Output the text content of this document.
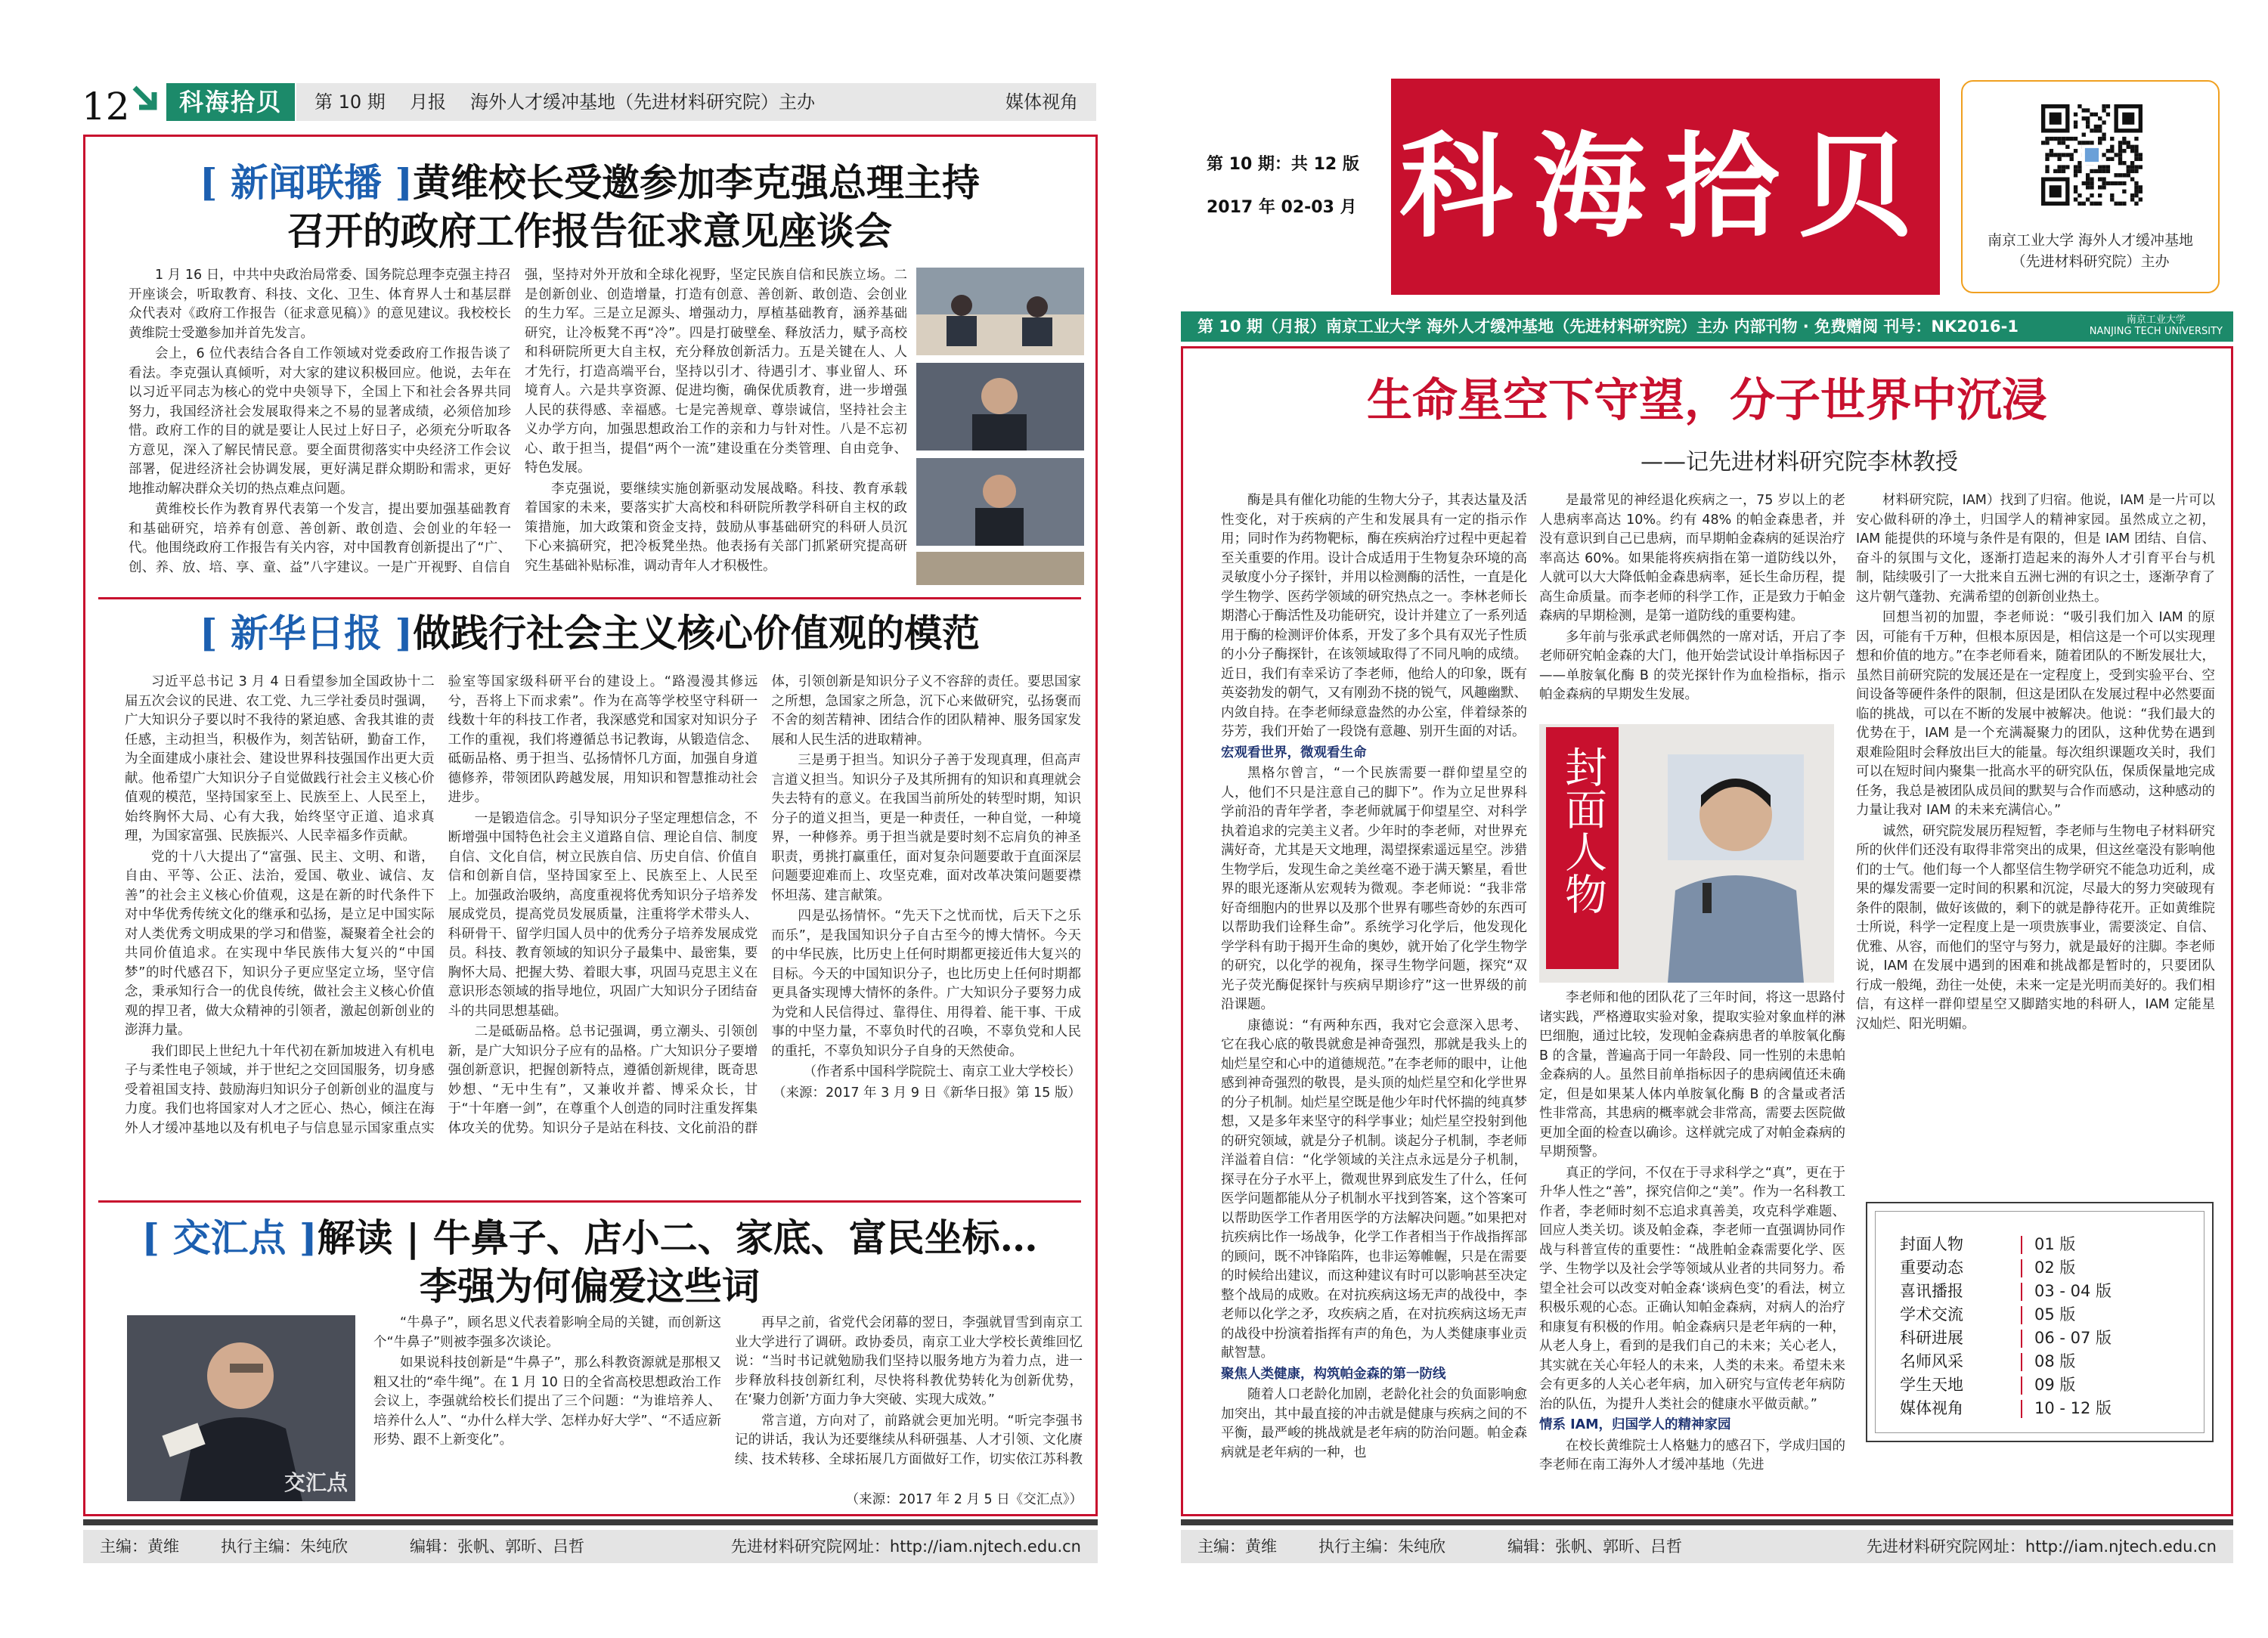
12	科海拾贝	第 10 期 月报 海外人才缓冲基地（先进材料研究院）主办	媒体视角
[ 新闻联播 ]黄维校长受邀参加李克强总理主持
召开的政府工作报告征求意见座谈会

1 月 16 日，中共中央政治局常委、国务院总理李克强主持召开座谈会，听取教育、科技、文化、卫生、体育界人士和基层群众代表对《政府工作报告（征求意见稿）》的意见建议。我校校长黄维院士受邀参加并首先发言。

会上，6 位代表结合各自工作领域对党委政府工作报告谈了看法。李克强认真倾听，对大家的建议积极回应。他说，去年在以习近平同志为核心的党中央领导下，全国上下和社会各界共同努力，我国经济社会发展取得来之不易的显著成绩，必须倍加珍惜。政府工作的目的就是要让人民过上好日子，必须充分听取各方意见，深入了解民情民意。要全面贯彻落实中央经济工作会议部署，促进经济社会协调发展，更好满足群众期盼和需求，更好地推动解决群众关切的热点难点问题。

黄维校长作为教育界代表第一个发言，提出要加强基础教育和基础研究，培养有创意、善创新、敢创造、会创业的年轻一代。他围绕政府工作报告有关内容，对中国教育创新提出了“广、创、养、放、培、享、童、益”八字建议。一是广开视野、自信自强，坚持对外开放和全球化视野，坚定民族自信和民族立场。二是创新创业、创造增量，打造有创意、善创新、敢创造、会创业的生力军。三是立足源头、增强动力，厚植基础教育，涵养基础研究，让冷板凳不再“冷”。四是打破壁垒、释放活力，赋予高校和科研院所更大自主权，充分释放创新活力。五是关键在人、人才先行，打造高端平台，坚持以引才、待遇引才、事业留人、环境育人。六是共享资源、促进均衡，确保优质教育，进一步增强人民的获得感、幸福感。七是完善规章、尊崇诚信，坚持社会主义办学方向，加强思想政治工作的亲和力与针对性。八是不忘初心、敢于担当，提倡“两个一流”建设重在分类管理、自由竞争、特色发展。

李克强说，要继续实施创新驱动发展战略。科技、教育承载着国家的未来，要落实扩大高校和科研院所教学科研自主权的政策措施，加大政策和资金支持，鼓励从事基础研究的科研人员沉下心来搞研究，把冷板凳坐热。他表扬有关部门抓紧研究提高研究生基础补贴标准，调动青年人才积极性。

[ 新华日报 ]做践行社会主义核心价值观的模范

习近平总书记 3 月 4 日看望参加全国政协十二届五次会议的民进、农工党、九三学社委员时强调，广大知识分子要以时不我待的紧迫感、舍我其谁的责任感，主动担当，积极作为，刻苦钻研，勤奋工作，为全面建成小康社会、建设世界科技强国作出更大贡献。他希望广大知识分子自觉做践行社会主义核心价值观的模范，坚持国家至上、民族至上、人民至上，始终胸怀大局、心有大我，始终坚守正道、追求真理，为国家富强、民族振兴、人民幸福多作贡献。

党的十八大提出了“富强、民主、文明、和谐，自由、平等、公正、法治，爱国、敬业、诚信、友善”的社会主义核心价值观，这是在新的时代条件下对中华优秀传统文化的继承和弘扬，是立足中国实际对人类优秀文明成果的学习和借鉴，凝聚着全社会的共同价值追求。在实现中华民族伟大复兴的“中国梦”的时代感召下，知识分子更应坚定立场，坚守信念，秉承知行合一的优良传统，做社会主义核心价值观的捍卫者，做大众精神的引领者，激起创新创业的澎湃力量。

我们即民上世纪九十年代初在新加坡进入有机电子与柔性电子领域，并于世纪之交回国服务，切身感受着祖国支持、鼓励海归知识分子创新创业的温度与力度。我们也将国家对人才之匠心、热心，倾注在海外人才缓冲基地以及有机电子与信息显示国家重点实验室等国家级科研平台的建设上。“路漫漫其修远兮，吾将上下而求索”。作为在高等学校坚守科研一线数十年的科技工作者，我深感党和国家对知识分子工作的重视，我们将遵循总书记教诲，从锻造信念、砥砺品格、勇于担当、弘扬情怀几方面，加强自身道德修养，带领团队跨越发展，用知识和智慧推动社会进步。

一是锻造信念。引导知识分子坚定理想信念，不断增强中国特色社会主义道路自信、理论自信、制度自信、文化自信，树立民族自信、历史自信、价值自信和创新自信，坚持国家至上、民族至上、人民至上。加强政治吸纳，高度重视将优秀知识分子培养发展成党员，提高党员发展质量，注重将学术带头人、科研骨干、留学归国人员中的优秀分子培养发展成党员。科技、教育领域的知识分子最集中、最密集，要胸怀大局、把握大势、着眼大事，巩固马克思主义在意识形态领域的指导地位，巩固广大知识分子团结奋斗的共同思想基础。

二是砥砺品格。总书记强调，勇立潮头、引领创新，是广大知识分子应有的品格。广大知识分子要增强创新意识，把握创新特点，遵循创新规律，既奇思妙想、“无中生有”，又兼收并蓄、博采众长，甘于“十年磨一剑”，在尊重个人创造的同时注重发挥集体攻关的优势。知识分子是站在科技、文化前沿的群体，引领创新是知识分子义不容辞的责任。要思国家之所想，急国家之所急，沉下心来做研究，弘扬褒而不舍的刻苦精神、团结合作的团队精神、服务国家发展和人民生活的进取精神。

三是勇于担当。知识分子善于发现真理，但高声言道义担当。知识分子及其所拥有的知识和真理就会失去特有的意义。在我国当前所处的转型时期，知识分子的道义担当，更是一种责任，一种自觉，一种境界，一种修养。勇于担当就是要时刻不忘肩负的神圣职责，勇挑打赢重任，面对复杂问题要敢于直面深层问题要迎难而上、攻坚克难，面对改革决策问题要襟怀坦荡、建言献策。

四是弘扬情怀。“先天下之忧而忧，后天下之乐而乐”，是我国知识分子自古至今的博大情怀。今天的中华民族，比历史上任何时期都更接近伟大复兴的目标。今天的中国知识分子，也比历史上任何时期都更具备实现博大情怀的条件。广大知识分子要努力成为党和人民信得过、靠得住、用得着、能干事、干成事的中坚力量，不辜负时代的召唤，不辜负党和人民的重托，不辜负知识分子自身的天然使命。

（作者系中国科学院院士、南京工业大学校长）

（来源：2017 年 3 月 9 日《新华日报》第 15 版）

[ 交汇点 ]解读 | 牛鼻子、店小二、家底、富民坐标…
李强为何偏爱这些词
交汇点

“牛鼻子”，顾名思义代表着影响全局的关键，而创新这个“牛鼻子”则被李强多次谈论。

如果说科技创新是“牛鼻子”，那么科教资源就是那根又粗又壮的“牵牛绳”。在 1 月 10 日的全省高校思想政治工作会议上，李强就给校长们提出了三个问题：“为谁培养人、培养什么人”、“办什么样大学、怎样办好大学”、“不适应新形势、跟不上新变化”。

再早之前，省党代会闭幕的翌日，李强就冒雪到南京工业大学进行了调研。政协委员，南京工业大学校长黄维回忆说：“当时书记就勉励我们坚持以服务地方为着力点，进一步释放科技创新红利，尽快将科教优势转化为创新优势，在‘聚力创新’方面力争大突破、实现大成效。”

常言道，方向对了，前路就会更加光明。“听完李强书记的讲话，我认为还要继续从科研强基、人才引领、文化赓续、技术转移、全球拓展几方面做好工作，切实依江苏科教

（来源：2017 年 2 月 5 日《交汇点》）

主编：黄维	执行主编：朱纯欣	编辑：张帆、郭昕、吕哲	先进材料研究院网址：http://iam.njtech.edu.cn
第 10 期：共 12 版
2017 年 02-03 月 科海拾贝	南京工业大学 海外人才缓冲基地
（先进材料研究院）主办
第 10 期（月报）南京工业大学 海外人才缓冲基地（先进材料研究院）主办 内部刊物 · 免费赠阅 刊号：NK2016-1	南京工业大学
NANJING TECH UNIVERSITY
生命星空下守望，分子世界中沉浸
——记先进材料研究院李林教授

酶是具有催化功能的生物大分子，其表达量及活性变化，对于疾病的产生和发展具有一定的指示作用；同时作为药物靶标，酶在疾病治疗过程中更起着至关重要的作用。设计合成适用于生物复杂环境的高灵敏度小分子探针，并用以检测酶的活性，一直是化学生物学、医药学领域的研究热点之一。李林老师长期潜心于酶活性及功能研究，设计并建立了一系列适用于酶的检测评价体系，开发了多个具有双光子性质的小分子酶探针，在该领域取得了不同凡响的成绩。近日，我们有幸采访了李老师，他给人的印象，既有英姿勃发的朝气，又有刚劲不挠的锐气，风趣幽默、内敛自持。在李老师绿意盎然的办公室，伴着绿茶的芬芳，我们开始了一段饶有意趣、别开生面的对话。

宏观看世界，微观看生命

黑格尔曾言，“一个民族需要一群仰望星空的人，他们不只是注意自己的脚下”。作为立足世界科学前沿的青年学者，李老师就属于仰望星空、对科学执着追求的完美主义者。少年时的李老师，对世界充满好奇，尤其是天文地理，渴望探索遥远星空。涉猎生物学后，发现生命之美丝毫不逊于满天繁星，看世界的眼光逐渐从宏观转为微观。李老师说：“我非常好奇细胞内的世界以及那个世界有哪些奇妙的东西可以帮助我们诠释生命”。系统学习化学后，他发现化学学科有助于揭开生命的奥妙，就开始了化学生物学的研究，以化学的视角，探寻生物学问题，探究“双光子荧光酶促探针与疾病早期诊疗”这一世界级的前沿课题。

康德说：“有两种东西，我对它会意深入思考、它在我心底的敬畏就愈是神奇强烈，那就是我头上的灿烂星空和心中的道德规范。”在李老师的眼中，让他感到神奇强烈的敬畏，是头顶的灿烂星空和化学世界的分子机制。灿烂星空既是他少年时代怀揣的纯真梦想，又是多年来坚守的科学事业；灿烂星空投射到他的研究领域，就是分子机制。谈起分子机制，李老师洋溢着自信：“化学领域的关注点永远是分子机制，探寻在分子水平上，微观世界到底发生了什么，任何医学问题都能从分子机制水平找到答案，这个答案可以帮助医学工作者用医学的方法解决问题。”如果把对抗疾病比作一场战争，化学工作者相当于作战指挥部的顾问，既不冲锋陷阵，也非运筹帷幄，只是在需要的时候给出建议，而这种建议有时可以影响甚至决定整个战局的成败。在对抗疾病这场无声的战役中，李老师以化学之矛，攻疾病之盾，在对抗疾病这场无声的战役中扮演着指挥有声的角色，为人类健康事业贡献智慧。

聚焦人类健康，构筑帕金森的第一防线

随着人口老龄化加剧，老龄化社会的负面影响愈加突出，其中最直接的冲击就是健康与疾病之间的不平衡，最严峻的挑战就是老年病的防治问题。帕金森病就是老年病的一种，也

是最常见的神经退化疾病之一，75 岁以上的老人患病率高达 10%。约有 48% 的帕金森患者，并没有意识到自己已患病，而早期帕金森病的延误治疗率高达 60%。如果能将疾病指在第一道防线以外，人就可以大大降低帕金森患病率，延长生命历程，提高生命质量。而李老师的科学工作，正是致力于帕金森病的早期检测，是第一道防线的重要构建。

多年前与张承武老师偶然的一席对话，开启了李老师研究帕金森的大门，他开始尝试设计单指标因子——单胺氧化酶 B 的荧光探针作为血检指标，指示帕金森病的早期发生发展。

封面人物

李老师和他的团队花了三年时间，将这一思路付诸实践，严格遵取实验对象，提取实验对象血样的淋巴细胞，通过比较，发现帕金森病患者的单胺氧化酶 B 的含量，普遍高于同一年龄段、同一性别的未患帕金森病的人。虽然目前单指标因子的患病阈值还未确定，但是如果某人体内单胺氧化酶 B 的含量或者活性非常高，其患病的概率就会非常高，需要去医院做更加全面的检查以确诊。这样就完成了对帕金森病的早期预警。

真正的学问，不仅在于寻求科学之“真”，更在于升华人性之“善”，探究信仰之“美”。作为一名科教工作者，李老师时刻不忘追求真善美，攻克科学难题、回应人类关切。谈及帕金森，李老师一直强调协同作战与科普宣传的重要性：“战胜帕金森需要化学、医学、生物学以及社会学等领域从业者的共同努力。希望全社会可以改变对帕金森‘谈病色变’的看法，树立积极乐观的心态。正确认知帕金森病，对病人的治疗和康复有积极的作用。帕金森病只是老年病的一种，从老人身上，看到的是我们自己的未来；关心老人，其实就在关心年轻人的未来，人类的未来。希望未来会有更多的人关心老年病，加入研究与宣传老年病防治的队伍，为提升人类社会的健康水平做贡献。”

情系 IAM，归国学人的精神家园

在校长黄维院士人格魅力的感召下，学成归国的李老师在南工海外人才缓冲基地（先进

材料研究院，IAM）找到了归宿。他说，IAM 是一片可以安心做科研的净土，归国学人的精神家园。虽然成立之初，IAM 能提供的环境与条件是有限的，但是 IAM 团结、自信、奋斗的氛围与文化，逐渐打造起来的海外人才引育平台与机制，陆续吸引了一大批来自五洲七洲的有识之士，逐渐孕育了这片朝气蓬勃、充满希望的创新创业热土。

回想当初的加盟，李老师说：“吸引我们加入 IAM 的原因，可能有千万种，但根本原因是，相信这是一个可以实现理想和价值的地方。”在李老师看来，随着团队的不断发展壮大，虽然目前研究院的发展还是在一定程度上，受到实验平台、空间设备等硬件条件的限制，但这是团队在发展过程中必然要面临的挑战，可以在不断的发展中被解决。他说：“我们最大的优势在于，IAM 是一个充满凝聚力的团队，这种优势在遇到艰难险阻时会释放出巨大的能量。每次组织课题攻关时，我们可以在短时间内聚集一批高水平的研究队伍，保质保量地完成任务，我总是被团队成员间的默契与合作而感动，这种感动的力量让我对 IAM 的未来充满信心。”

诚然，研究院发展历程短暂，李老师与生物电子材料研究所的伙伴们还没有取得非常突出的成果，但这丝毫没有影响他们的士气。他们每一个人都坚信生物学研究不能急功近利，成果的爆发需要一定时间的积累和沉淀，尽最大的努力突破现有条件的限制，做好该做的，剩下的就是静待花开。正如黄维院士所说，科学一定程度上是一项贵族事业，需要淡定、自信、优雅、从容，而他们的坚守与努力，就是最好的注脚。李老师说，IAM 在发展中遇到的困难和挑战都是暂时的，只要团队行成一般绳，劲往一处使，未来一定是光明而美好的。我们相信，有这样一群仰望星空又脚踏实地的科研人，IAM 定能星汉灿烂、阳光明媚。

封面人物	01 版
重要动态	02 版
喜讯播报	03 - 04 版
学术交流	05 版
科研进展	06 - 07 版
名师风采	08 版
学生天地	09 版
媒体视角	10 - 12 版
主编：黄维	执行主编：朱纯欣	编辑：张帆、郭昕、吕哲	先进材料研究院网址：http://iam.njtech.edu.cn
